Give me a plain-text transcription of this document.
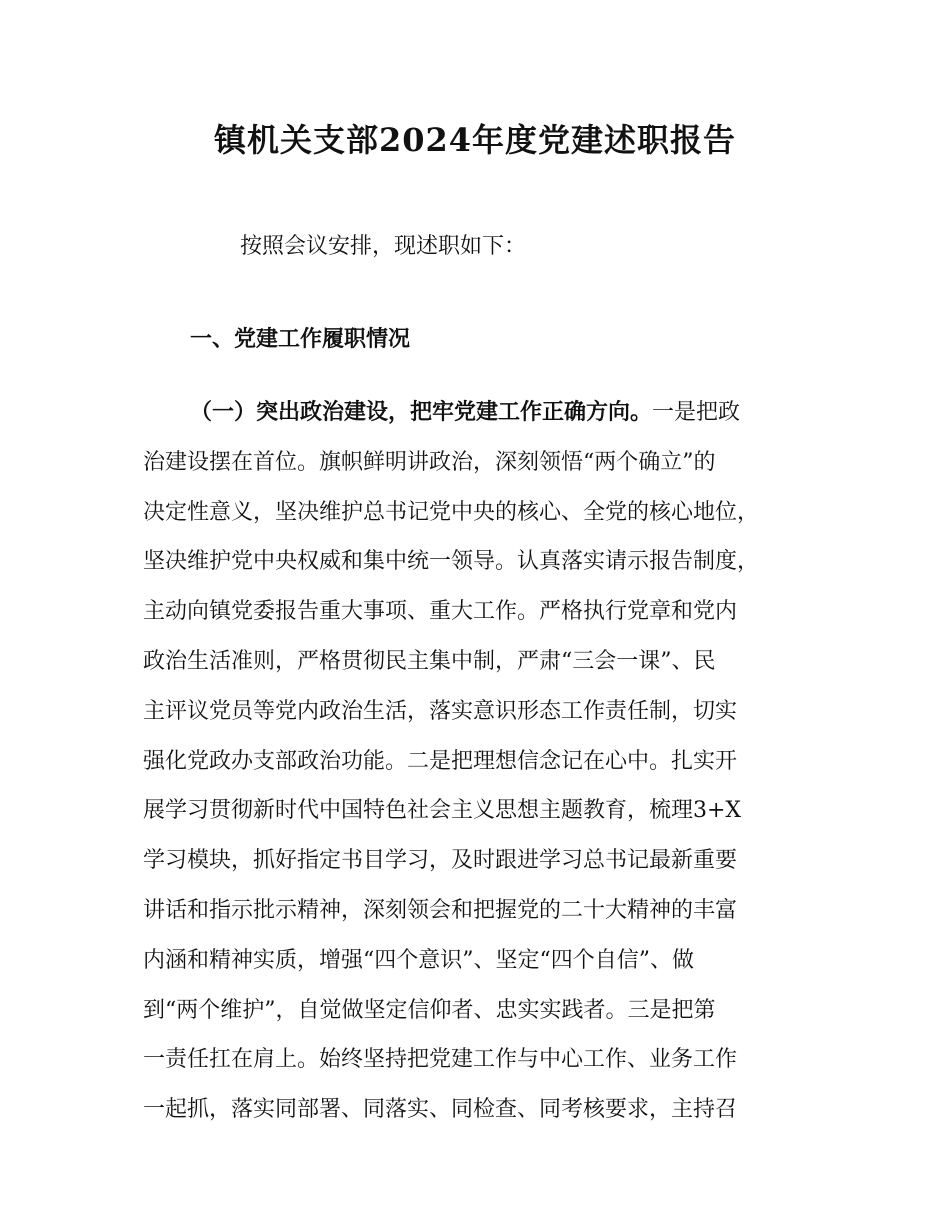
镇机关支部2024年度党建述职报告

按照会议安排，现述职如下：

一、党建工作履职情况

（一）突出政治建设，把牢党建工作正确方向。一是把政
治建设摆在首位。旗帜鲜明讲政治，深刻领悟“两个确立”的
决定性意义，坚决维护总书记党中央的核心、全党的核心地位，
坚决维护党中央权威和集中统一领导。认真落实请示报告制度，
主动向镇党委报告重大事项、重大工作。严格执行党章和党内
政治生活准则，严格贯彻民主集中制，严肃“三会一课”、民
主评议党员等党内政治生活，落实意识形态工作责任制，切实
强化党政办支部政治功能。二是把理想信念记在心中。扎实开
展学习贯彻新时代中国特色社会主义思想主题教育，梳理3+X
学习模块，抓好指定书目学习，及时跟进学习总书记最新重要
讲话和指示批示精神，深刻领会和把握党的二十大精神的丰富
内涵和精神实质，增强“四个意识”、坚定“四个自信”、做
到“两个维护”，自觉做坚定信仰者、忠实实践者。三是把第
一责任扛在肩上。始终坚持把党建工作与中心工作、业务工作
一起抓，落实同部署、同落实、同检查、同考核要求，主持召
